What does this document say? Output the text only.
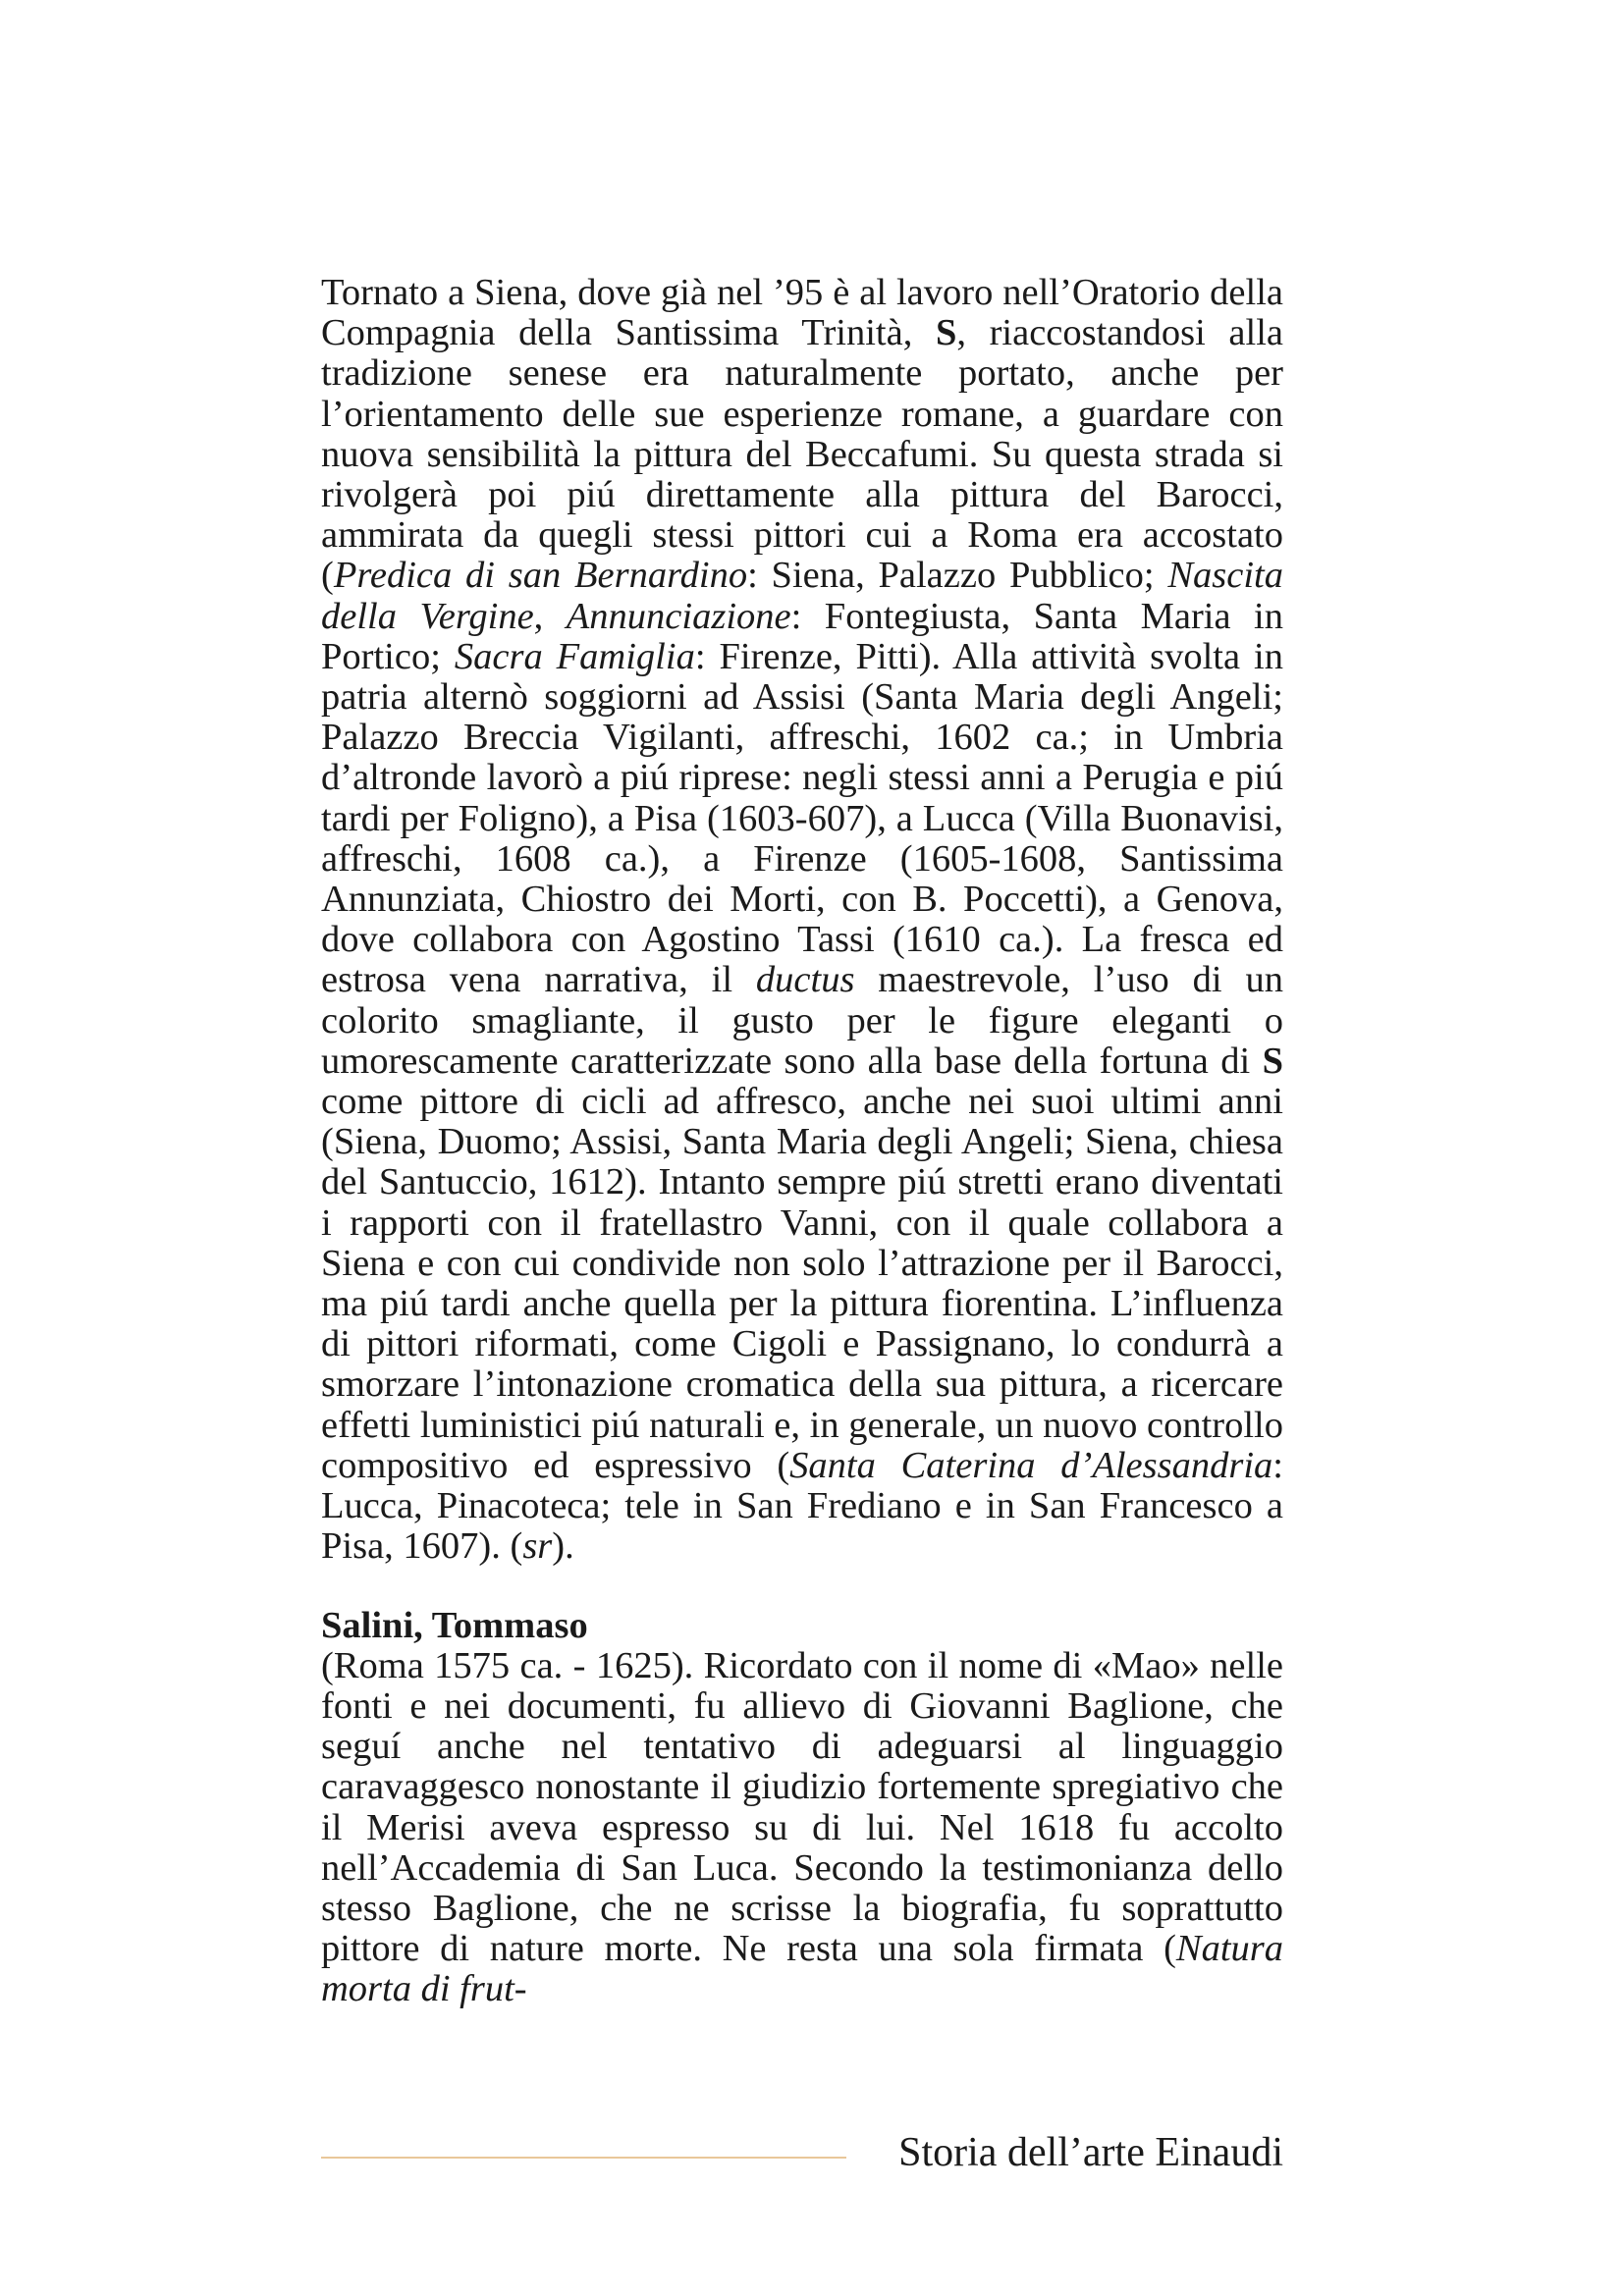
Tornato a Siena, dove già nel ’95 è al lavoro nell’Oratorio della Compagnia della Santissima Trinità, S, riaccostandosi alla tradizione senese era naturalmente portato, anche per l’orientamento delle sue esperienze romane, a guardare con nuova sensibilità la pittura del Beccafumi. Su questa strada si rivolgerà poi piú direttamente alla pittura del Barocci, ammirata da quegli stessi pittori cui a Roma era accostato (Predica di san Bernardino: Siena, Palazzo Pubblico; Nascita della Vergine, Annunciazione: Fontegiusta, Santa Maria in Portico; Sacra Famiglia: Firenze, Pitti). Alla attività svolta in patria alternò soggiorni ad Assisi (Santa Maria degli Angeli; Palazzo Breccia Vigilanti, affreschi, 1602 ca.; in Umbria d’altronde lavorò a piú riprese: negli stessi anni a Perugia e piú tardi per Foligno), a Pisa (1603-607), a Lucca (Villa Buonavisi, affreschi, 1608 ca.), a Firenze (1605-1608, Santissima Annunziata, Chiostro dei Morti, con B. Poccetti), a Genova, dove collabora con Agostino Tassi (1610 ca.). La fresca ed estrosa vena narrativa, il ductus maestrevole, l’uso di un colorito smagliante, il gusto per le figure eleganti o umorescamente caratterizzate sono alla base della fortuna di S come pittore di cicli ad affresco, anche nei suoi ultimi anni (Siena, Duomo; Assisi, Santa Maria degli Angeli; Siena, chiesa del Santuccio, 1612). Intanto sempre piú stretti erano diventati i rapporti con il fratellastro Vanni, con il quale collabora a Siena e con cui condivide non solo l’attrazione per il Barocci, ma piú tardi anche quella per la pittura fiorentina. L’influenza di pittori riformati, come Cigoli e Passignano, lo condurrà a smorzare l’intonazione cromatica della sua pittura, a ricercare effetti luministici piú naturali e, in generale, un nuovo controllo compositivo ed espressivo (Santa Caterina d’Alessandria: Lucca, Pinacoteca; tele in San Frediano e in San Francesco a Pisa, 1607). (sr).

Salini, Tommaso

(Roma 1575 ca. - 1625). Ricordato con il nome di «Mao» nelle fonti e nei documenti, fu allievo di Giovanni Baglione, che seguí anche nel tentativo di adeguarsi al linguaggio caravaggesco nonostante il giudizio fortemente spregiativo che il Merisi aveva espresso su di lui. Nel 1618 fu accolto nell’Accademia di San Luca. Secondo la testimonianza dello stesso Baglione, che ne scrisse la biografia, fu soprattutto pittore di nature morte. Ne resta una sola firmata (Natura morta di frut-

Storia dell’arte Einaudi
